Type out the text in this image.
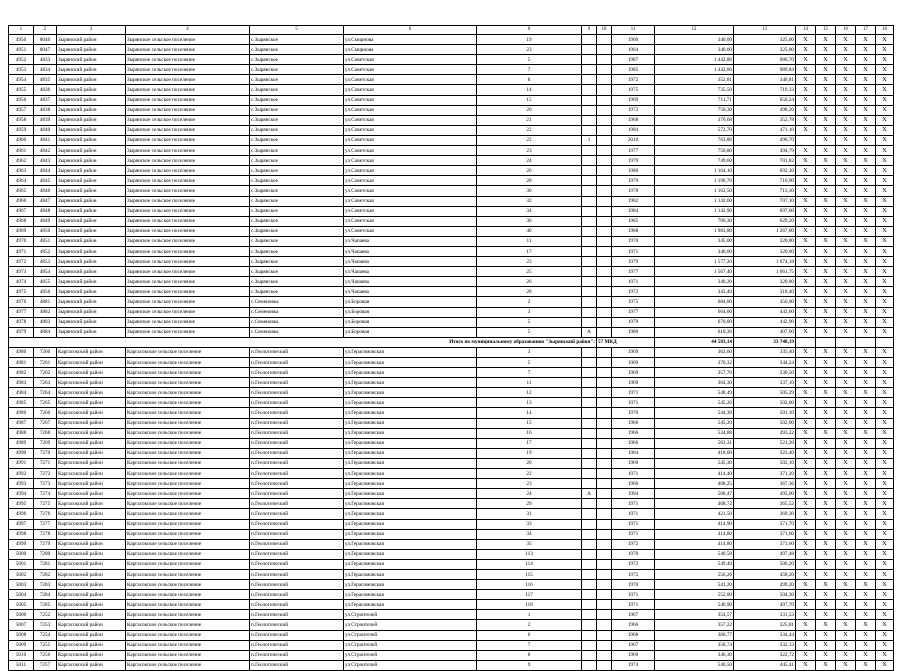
1	2	3	4	5	6	8	9	10	11	12	13	14	15	16	17	18
4950	8046	Зырянский район	Зырянское сельское поселение	с.Зырянское	ул.Смирнова	19			1960	340,00	325,00	X	X	X	X	X
4951	8047	Зырянский район	Зырянское сельское поселение	с.Зырянское	ул.Смирнова	23			1964	340,00	325,00	X	X	X	X	X
4952	4833	Зырянский район	Зырянское сельское поселение	с.Зырянское	ул.Советская	5			1987	1 442,80	986,70	X	X	X	X	X
4953	4834	Зырянский район	Зырянское сельское поселение	с.Зырянское	ул.Советская	7			1985	1 442,80	989,84	X	X	X	X	X
4954	4835	Зырянский район	Зырянское сельское поселение	с.Зырянское	ул.Советская	8			1972	352,81	346,81	X	X	X	X	X
4955	4836	Зырянский район	Зырянское сельское поселение	с.Зырянское	ул.Советская	14			1975	735,50	719,33	X	X	X	X	X
4956	4837	Зырянский район	Зырянское сельское поселение	с.Зырянское	ул.Советская	15			1969	711,71	650,24	X	X	X	X	X
4957	4838	Зырянский район	Зырянское сельское поселение	с.Зырянское	ул.Советская	20			1972	750,30	498,20	X	X	X	X	X
4958	4839	Зырянский район	Зырянское сельское поселение	с.Зырянское	ул.Советская	21			1968	376,68	352,78	X	X	X	X	X
4959	4840	Зырянский район	Зырянское сельское поселение	с.Зырянское	ул.Советская	22			1984	572,70	471,10	X	X	X	X	X
4960	4841	Зырянский район	Зырянское сельское поселение	с.Зырянское	ул.Советская	22	1		2010	763,80	496,70		X	X	X	X
4961	4842	Зырянский район	Зырянское сельское поселение	с.Зырянское	ул.Советская	23			1977	750,80	494,79	X	X	X	X	X
4962	4843	Зырянский район	Зырянское сельское поселение	с.Зырянское	ул.Советская	24			1979	749,60	701,82	X	X	X	X	X
4963	4844	Зырянский район	Зырянское сельское поселение	с.Зырянское	ул.Советская	26			1980	1 164,10	692,30	X	X	X	X	X
4964	4845	Зырянский район	Зырянское сельское поселение	с.Зырянское	ул.Советская	28			1979	1 190,70	716,90	X	X	X	X	X
4965	4846	Зырянский район	Зырянское сельское поселение	с.Зырянское	ул.Советская	30			1978	1 162,50	713,30	X	X	X	X	X
4966	4847	Зырянский район	Зырянское сельское поселение	с.Зырянское	ул.Советская	32			1982	1 142,60	707,10	X	X	X	X	X
4967	4848	Зырянский район	Зырянское сельское поселение	с.Зырянское	ул.Советская	34			1984	1 142,90	697,60	X	X	X	X	X
4968	4849	Зырянский район	Зырянское сельское поселение	с.Зырянское	ул.Советская	36			1985	706,30	629,20	X	X	X	X	X
4969	4850	Зырянский район	Зырянское сельское поселение	с.Зырянское	ул.Советская	40			1988	1 983,80	1 267,00	X	X	X	X	X
4970	4851	Зырянский район	Зырянское сельское поселение	с.Зырянское	ул.Чапаева	11			1970	345,00	320,00	X	X	X	X	X
4971	4852	Зырянский район	Зырянское сельское поселение	с.Зырянское	ул.Чапаева	17			1971	340,00	320,00	X	X	X	X	X
4972	4853	Зырянский район	Зырянское сельское поселение	с.Зырянское	ул.Чапаева	23			1979	1 577,20	1 074,18	X	X	X	X	X
4973	4854	Зырянский район	Зырянское сельское поселение	с.Зырянское	ул.Чапаева	25			1977	1 567,40	1 061,75	X	X	X	X	X
4974	4855	Зырянский район	Зырянское сельское поселение	с.Зырянское	ул.Чапаева	26			1971	340,20	320,00	X	X	X	X	X
4975	4856	Зырянский район	Зырянское сельское поселение	с.Зырянское	ул.Чапаева	28			1972	343,40	318,40	X	X	X	X	X
4976	4881	Зырянский район	Зырянское сельское поселение	с.Семеновка	ул.Боровая	2			1975	684,00	456,00	X	X	X	X	X
4977	4882	Зырянский район	Зырянское сельское поселение	с.Семеновка	ул.Боровая	3			1977	664,00	443,00	X	X	X	X	X
4978	4883	Зырянский район	Зырянское сельское поселение	с.Семеновка	ул.Боровая	5			1979	670,00	442,90	X	X	X	X	X
4979	4884	Зырянский район	Зырянское сельское поселение	с.Семеновка	ул.Боровая	5	А		1980	610,30	407,00	X	X	X	X	X
Итого по муниципальному образованию "Зырянский район":								57 МКД		44 583,14	33 748,19					
4980	7260	Каргасокский район	Каргасокское сельское поселение	п.Геологический	ул.Герасимовская	3			1969	362,60	335,40	X	X	X	X	X
4981	7261	Каргасокский район	Каргасокское сельское поселение	п.Геологический	ул.Герасимовская	5			1969	370,32	344,24	X	X	X	X	X
4982	7262	Каргасокский район	Каргасокское сельское поселение	п.Геологический	ул.Герасимовская	7			1969	357,70	330,50	X	X	X	X	X
4983	7263	Каргасокский район	Каргасокское сельское поселение	п.Геологический	ул.Герасимовская	11			1969	364,30	337,10	X	X	X	X	X
4984	7264	Каргасокский район	Каргасокское сельское поселение	п.Геологический	ул.Герасимовская	12			1971	548,49	505,29	X	X	X	X	X
4985	7265	Каргасокский район	Каргасокское сельское поселение	п.Геологический	ул.Герасимовская	13			1971	545,20	502,00	X	X	X	X	X
4986	7266	Каргасокский район	Каргасокское сельское поселение	п.Геологический	ул.Герасимовская	14			1970	544,30	501,10	X	X	X	X	X
4987	7267	Каргасокский район	Каргасокское сельское поселение	п.Геологический	ул.Герасимовская	15			1966	545,20	502,00	X	X	X	X	X
4988	7268	Каргасокский район	Каргасокское сельское поселение	п.Геологический	ул.Герасимовская	16			1966	534,88	493,22	X	X	X	X	X
4989	7269	Каргасокский район	Каргасокское сельское поселение	п.Геологический	ул.Герасимовская	17			1966	563,31	521,20	X	X	X	X	X
4990	7270	Каргасокский район	Каргасокское сельское поселение	п.Геологический	ул.Герасимовская	19			1964	418,60	323,40	X	X	X	X	X
4991	7271	Каргасокский район	Каргасокское сельское поселение	п.Геологический	ул.Герасимовская	20			1969	545,30	502,10	X	X	X	X	X
4992	7272	Каргасокский район	Каргасокское сельское поселение	п.Геологический	ул.Герасимовская	22			1971	414,40	371,20	X	X	X	X	X
4993	7273	Каргасокский район	Каргасокское сельское поселение	п.Геологический	ул.Герасимовская	23			1966	408,25	367,36	X	X	X	X	X
4994	7274	Каргасокский район	Каргасокское сельское поселение	п.Геологический	ул.Герасимовская	24	А		1994	500,47	495,00	X	X	X	X	X
4995	7275	Каргасокский район	Каргасокское сельское поселение	п.Геологический	ул.Герасимовская	29			1971	408,72	365,52	X	X	X	X	X
4996	7276	Каргасокский район	Каргасокское сельское поселение	п.Геологический	ул.Герасимовская	31			1971	421,50	369,30	X	X	X	X	X
4997	7277	Каргасокский район	Каргасокское сельское поселение	п.Геологический	ул.Герасимовская	33			1971	414,90	371,70	X	X	X	X	X
4998	7278	Каргасокский район	Каргасокское сельское поселение	п.Геологический	ул.Герасимовская	34			1971	414,80	371,60	X	X	X	X	X
4999	7279	Каргасокский район	Каргасокское сельское поселение	п.Геологический	ул.Герасимовская	35			1972	414,80	371,60	X	X	X	X	X
5000	7280	Каргасокский район	Каргасокское сельское поселение	п.Геологический	ул.Герасимовская	113			1970	540,58	497,48	X	X	X	X	X
5001	7281	Каргасокский район	Каргасокское сельское поселение	п.Геологический	ул.Герасимовская	114			1972	549,40	506,20	X	X	X	X	X
5002	7282	Каргасокский район	Каргасокское сельское поселение	п.Геологический	ул.Герасимовская	115			1972	556,26	458,20	X	X	X	X	X
5003	7283	Каргасокский район	Каргасокское сельское поселение	п.Геологический	ул.Герасимовская	116			1970	541,20	499,20	X	X	X	X	X
5004	7284	Каргасокский район	Каргасокское сельское поселение	п.Геологический	ул.Герасимовская	117			1971	552,00	504,30	X	X	X	X	X
5005	7285	Каргасокский район	Каргасокское сельское поселение	п.Геологический	ул.Герасимовская	118			1971	540,90	497,70	X	X	X	X	X
5006	7252	Каргасокский район	Каргасокское сельское поселение	п.Геологический	ул.Строителей	1			1967	354,57	331,53	X	X	X	X	X
5007	7253	Каргасокский район	Каргасокское сельское поселение	п.Геологический	ул.Строителей	2			1966	357,22	325,81	X	X	X	X	X
5008	7254	Каргасокский район	Каргасокское сельское поселение	п.Геологический	ул.Строителей	6			1968	360,77	334,44	X	X	X	X	X
5009	7255	Каргасокский район	Каргасокское сельское поселение	п.Геологический	ул.Строителей	7			1967	358,74	332,33	X	X	X	X	X
5010	7256	Каргасокский район	Каргасокское сельское поселение	п.Геологический	ул.Строителей	8			1969	346,30	322,72	X	X	X	X	X
5011	7257	Каргасокский район	Каргасокское сельское поселение	п.Геологический	ул.Строителей	9			1974	540,50	445,41	X	X	X	X	X
